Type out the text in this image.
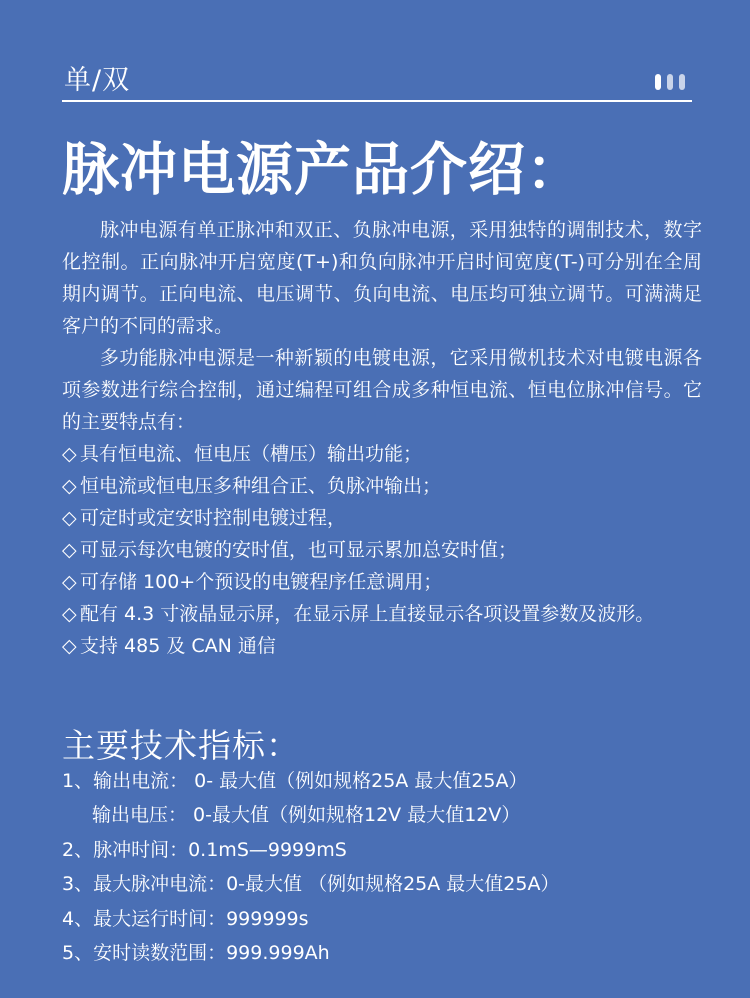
单/双
脉冲电源产品介绍：

脉冲电源有单正脉冲和双正、负脉冲电源，采用独特的调制技术，数字化控制。正向脉冲开启宽度(T+)和负向脉冲开启时间宽度(T-)可分别在全周期内调节。正向电流、电压调节、负向电流、电压均可独立调节。可满满足客户的不同的需求。

多功能脉冲电源是一种新颖的电镀电源，它采用微机技术对电镀电源各项参数进行综合控制，通过编程可组合成多种恒电流、恒电位脉冲信号。它的主要特点有：

◇ 具有恒电流、恒电压（槽压）输出功能；
◇ 恒电流或恒电压多种组合正、负脉冲输出；
◇ 可定时或定安时控制电镀过程，
◇ 可显示每次电镀的安时值，也可显示累加总安时值；
◇ 可存储 100+个预设的电镀程序任意调用；
◇ 配有 4.3 寸液晶显示屏，在显示屏上直接显示各项设置参数及波形。
◇ 支持 485 及 CAN 通信
主要技术指标：
1、输出电流： 0- 最大值（例如规格25A 最大值25A）
输出电压： 0-最大值（例如规格12V 最大值12V）
2、脉冲时间：0.1mS—9999mS
3、最大脉冲电流：0-最大值 （例如规格25A 最大值25A）
4、最大运行时间：999999s
5、安时读数范围：999.999Ah
